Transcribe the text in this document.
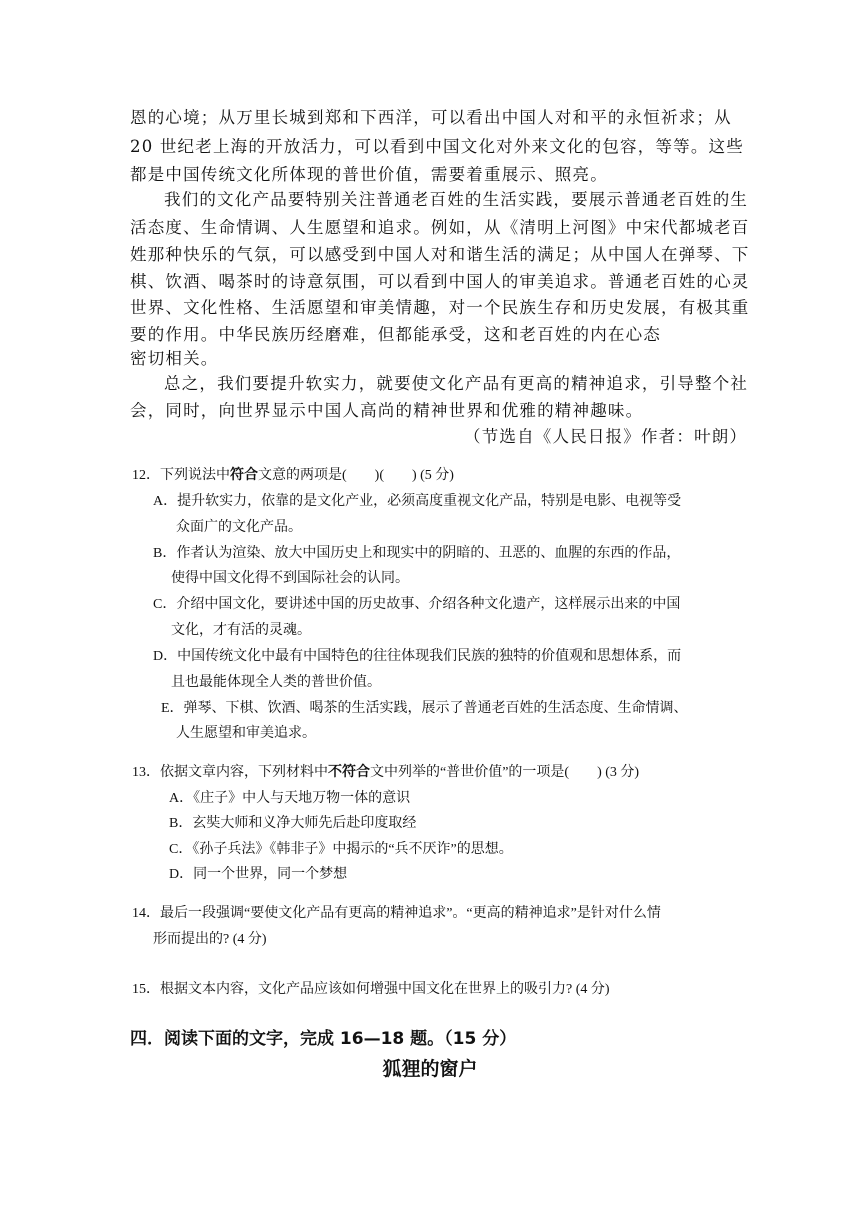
恩的心境；从万里长城到郑和下西洋，可以看出中国人对和平的永恒祈求；从
20 世纪老上海的开放活力，可以看到中国文化对外来文化的包容，等等。这些
都是中国传统文化所体现的普世价值，需要着重展示、照亮。
我们的文化产品要特别关注普通老百姓的生活实践，要展示普通老百姓的生
活态度、生命情调、人生愿望和追求。例如，从《清明上河图》中宋代都城老百
姓那种快乐的气氛，可以感受到中国人对和谐生活的满足；从中国人在弹琴、下
棋、饮酒、喝茶时的诗意氛围，可以看到中国人的审美追求。普通老百姓的心灵
世界、文化性格、生活愿望和审美情趣，对一个民族生存和历史发展，有极其重
要的作用。中华民族历经磨难，但都能承受，这和老百姓的内在心态
密切相关。
总之，我们要提升软实力，就要使文化产品有更高的精神追求，引导整个社
会，同时，向世界显示中国人高尚的精神世界和优雅的精神趣味。
（节选自《人民日报》作者：叶朗）
12．下列说法中符合文意的两项是(　　)(　　) (5 分)
A．提升软实力，依靠的是文化产业，必须高度重视文化产品，特别是电影、电视等受
众面广的文化产品。
B．作者认为渲染、放大中国历史上和现实中的阴暗的、丑恶的、血腥的东西的作品，
使得中国文化得不到国际社会的认同。
C．介绍中国文化，要讲述中国的历史故事、介绍各种文化遗产，这样展示出来的中国
文化，才有活的灵魂。
D．中国传统文化中最有中国特色的往往体现我们民族的独特的价值观和思想体系，而
且也最能体现全人类的普世价值。
E．弹琴、下棋、饮酒、喝茶的生活实践，展示了普通老百姓的生活态度、生命情调、
人生愿望和审美追求。
13．依据文章内容，下列材料中不符合文中列举的“普世价值”的一项是(　　) (3 分)
A．《庄子》中人与天地万物一体的意识
B．玄奘大师和义净大师先后赴印度取经
C．《孙子兵法》《韩非子》中揭示的“兵不厌诈”的思想。
D．同一个世界，同一个梦想
14．最后一段强调“要使文化产品有更高的精神追求”。“更高的精神追求”是针对什么情
形而提出的? (4 分)
15．根据文本内容，文化产品应该如何增强中国文化在世界上的吸引力? (4 分)
四．阅读下面的文字，完成 16—18 题。（15 分）
狐狸的窗户
